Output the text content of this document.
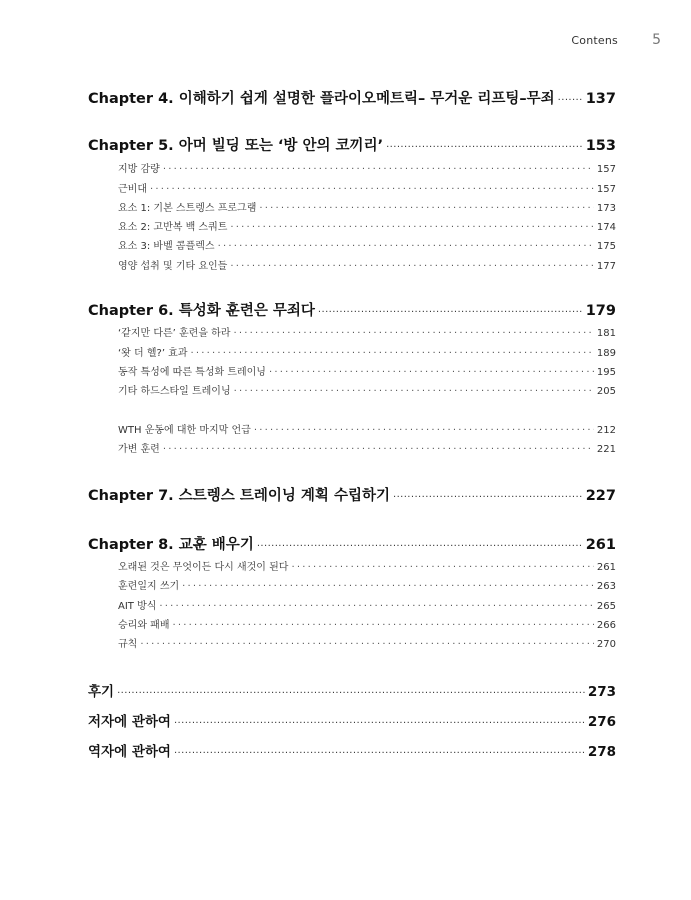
Contens 5
Chapter 4. 이해하기 쉽게 설명한 플라이오메트릭– 무거운 리프팅–무죄 ..... 137
Chapter 5. 아머 빌딩 또는 ‘방 안의 코끼리’ .....	153
지방 감량 .....	157
근비대 .....	157
요소 1: 기본 스트렝스 프로그램 .....	173
요소 2: 고반복 백 스쿼트 .....	174
요소 3: 바벨 콤플렉스 .....	175
영양 섭취 및 기타 요인들 .....	177
Chapter 6. 특성화 훈련은 무죄다 .....	179
‘같지만 다른’ 훈련을 하라 .....	181
‘왓 더 헬?’ 효과 .....	189
동작 특성에 따른 특성화 트레이닝 .....	195
기타 하드스타일 트레이닝 .....	205
WTH 운동에 대한 마지막 언급 .....	212
가변 훈련 .....	221
Chapter 7. 스트렝스 트레이닝 계획 수립하기 .....	227
Chapter 8. 교훈 배우기 .....	261
오래된 것은 무엇이든 다시 새것이 된다 .....	261
훈련일지 쓰기 .....	263
AIT 방식 .....	265
승리와 패배 .....	266
규칙 .....	270
후기 .....	273
저자에 관하여 .....	276
역자에 관하여 .....	278
